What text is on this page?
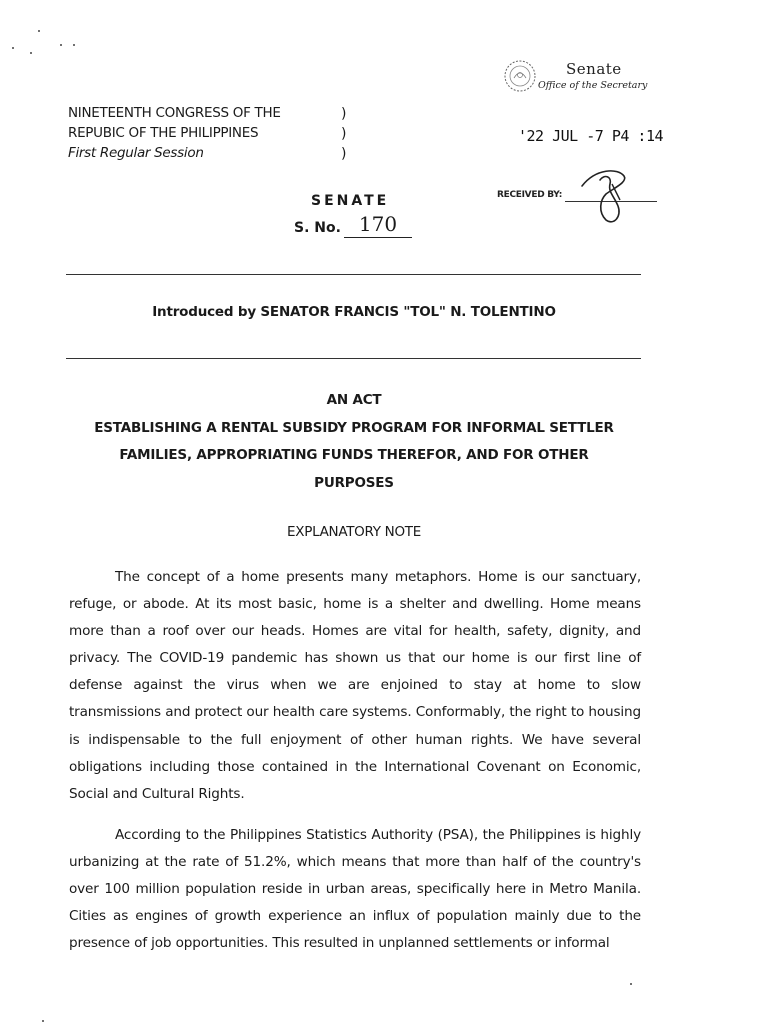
NINETEENTH CONGRESS OF THE
REPUBIC OF THE PHILIPPINES
First Regular Session
)
)
)
Senate
Office of the Secretary
'22 JUL -7 P4 :14
RECEIVED BY:
SENATE
S. No. 170
Introduced by SENATOR FRANCIS "TOL" N. TOLENTINO
AN ACT
ESTABLISHING A RENTAL SUBSIDY PROGRAM FOR INFORMAL SETTLER
FAMILIES, APPROPRIATING FUNDS THEREFOR, AND FOR OTHER
PURPOSES
EXPLANATORY NOTE
The concept of a home presents many metaphors. Home is our sanctuary, refuge, or abode. At its most basic, home is a shelter and dwelling. Home means more than a roof over our heads. Homes are vital for health, safety, dignity, and privacy. The COVID-19 pandemic has shown us that our home is our first line of defense against the virus when we are enjoined to stay at home to slow transmissions and protect our health care systems. Conformably, the right to housing is indispensable to the full enjoyment of other human rights. We have several obligations including those contained in the International Covenant on Economic, Social and Cultural Rights.
According to the Philippines Statistics Authority (PSA), the Philippines is highly urbanizing at the rate of 51.2%, which means that more than half of the country's over 100 million population reside in urban areas, specifically here in Metro Manila. Cities as engines of growth experience an influx of population mainly due to the presence of job opportunities. This resulted in unplanned settlements or informal
